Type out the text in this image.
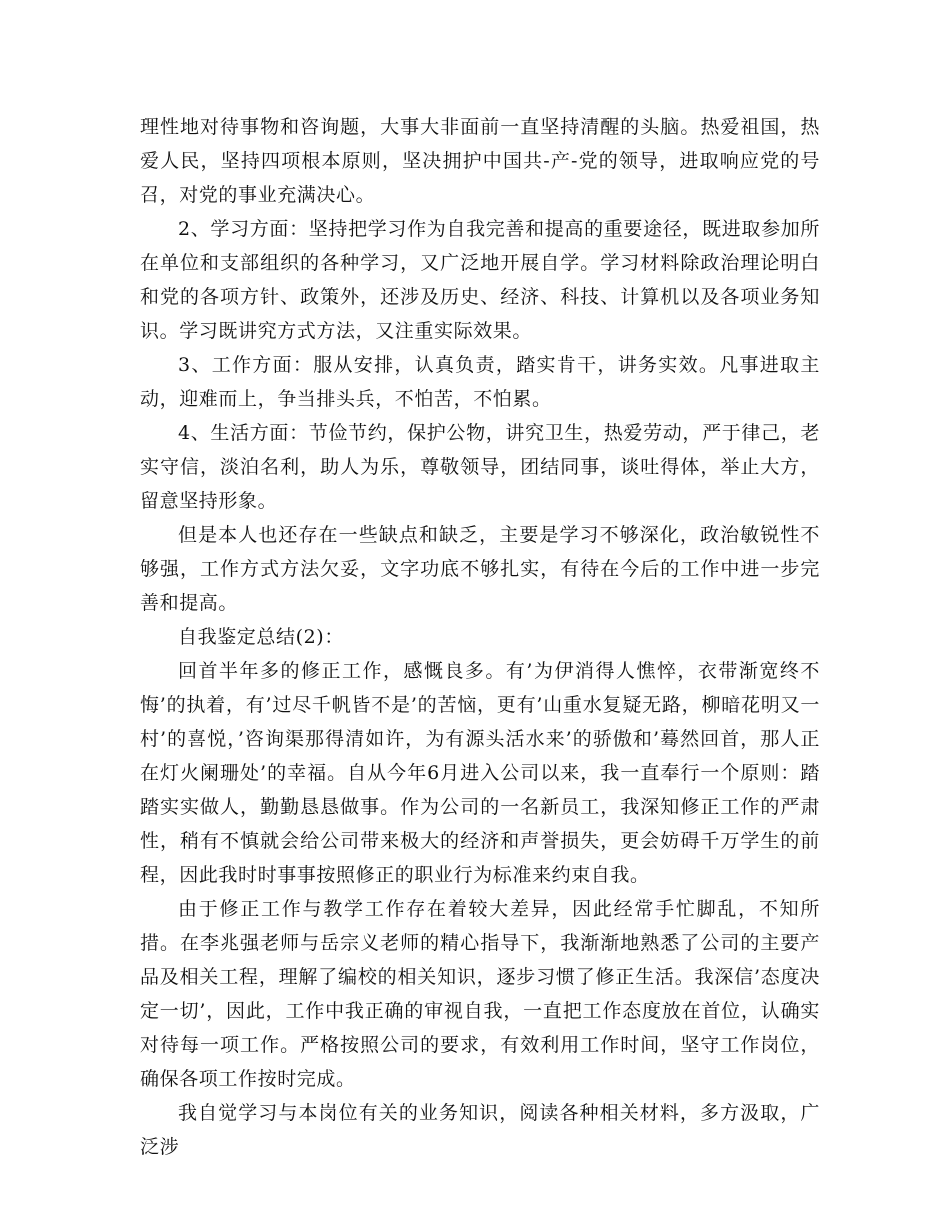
理性地对待事物和咨询题，大事大非面前一直坚持清醒的头脑。热爱祖国，热爱人民，坚持四项根本原则，坚决拥护中国共-产-党的领导，进取响应党的号召，对党的事业充满决心。

2、学习方面：坚持把学习作为自我完善和提高的重要途径，既进取参加所在单位和支部组织的各种学习，又广泛地开展自学。学习材料除政治理论明白和党的各项方针、政策外，还涉及历史、经济、科技、计算机以及各项业务知识。学习既讲究方式方法，又注重实际效果。

3、工作方面：服从安排，认真负责，踏实肯干，讲务实效。凡事进取主动，迎难而上，争当排头兵，不怕苦，不怕累。

4、生活方面：节俭节约，保护公物，讲究卫生，热爱劳动，严于律己，老实守信，淡泊名利，助人为乐，尊敬领导，团结同事，谈吐得体，举止大方，留意坚持形象。

但是本人也还存在一些缺点和缺乏，主要是学习不够深化，政治敏锐性不够强，工作方式方法欠妥，文字功底不够扎实，有待在今后的工作中进一步完善和提高。

自我鉴定总结(2)：

回首半年多的修正工作，感慨良多。有’为伊消得人憔悴，衣带渐宽终不悔’的执着，有’过尽千帆皆不是’的苦恼，更有’山重水复疑无路，柳暗花明又一村’的喜悦，’咨询渠那得清如许，为有源头活水来’的骄傲和’蓦然回首，那人正在灯火阑珊处’的幸福。自从今年6月进入公司以来，我一直奉行一个原则：踏踏实实做人，勤勤恳恳做事。作为公司的一名新员工，我深知修正工作的严肃性，稍有不慎就会给公司带来极大的经济和声誉损失，更会妨碍千万学生的前程，因此我时时事事按照修正的职业行为标准来约束自我。

由于修正工作与教学工作存在着较大差异，因此经常手忙脚乱，不知所措。在李兆强老师与岳宗义老师的精心指导下，我渐渐地熟悉了公司的主要产品及相关工程，理解了编校的相关知识，逐步习惯了修正生活。我深信’态度决定一切’，因此，工作中我正确的审视自我，一直把工作态度放在首位，认确实对待每一项工作。严格按照公司的要求，有效利用工作时间，坚守工作岗位，确保各项工作按时完成。

我自觉学习与本岗位有关的业务知识，阅读各种相关材料，多方汲取，广泛涉
